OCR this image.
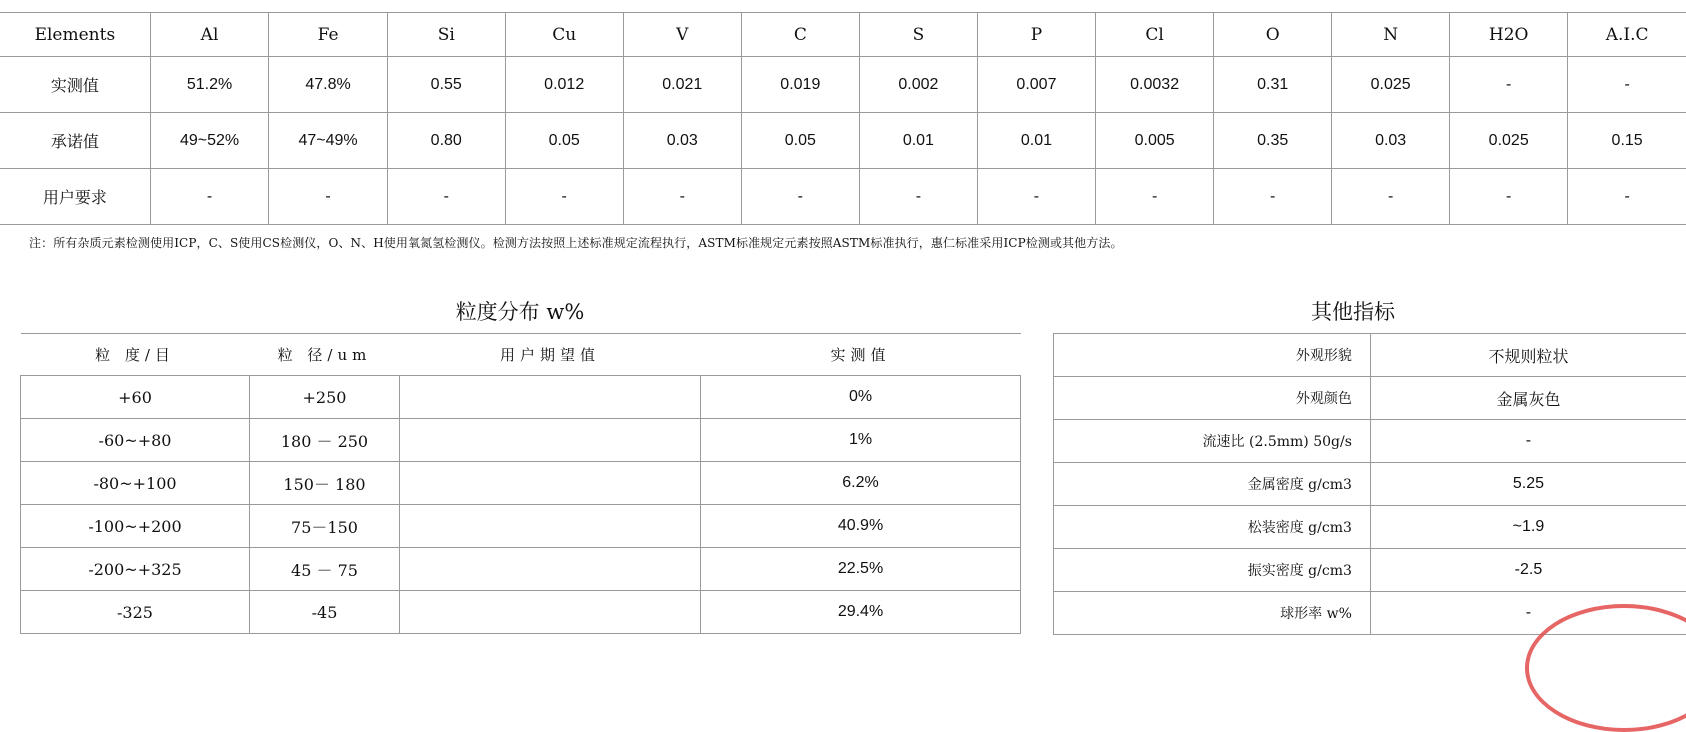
Elements	Al	Fe	Si	Cu	V	C	S	P	Cl	O	N	H2O	A.I.C
实测值	51.2%	47.8%	0.55	0.012	0.021	0.019	0.002	0.007	0.0032	0.31	0.025	-	-
承诺值	49~52%	47~49%	0.80	0.05	0.03	0.05	0.01	0.01	0.005	0.35	0.03	0.025	0.15
用户要求	-	-	-	-	-	-	-	-	-	-	-	-	-
注：所有杂质元素检测使用ICP，C、S使用CS检测仪，O、N、H使用氧氮氢检测仪。检测方法按照上述标准规定流程执行，ASTM标准规定元素按照ASTM标准执行，惠仁标准采用ICP检测或其他方法。
粒度分布 w%	其他指标
粒 度/目	粒 径/um	用户期望值	实测值
+60	+250		0%
-60~+80	180 － 250		1%
-80~+100	150－ 180		6.2%
-100~+200	75－150		40.9%
-200~+325	45 － 75		22.5%
-325	-45		29.4%
外观形貌	不规则粒状
外观颜色	金属灰色
流速比 (2.5mm) 50g/s	-
金属密度 g/cm3	5.25
松装密度 g/cm3	~1.9
振实密度 g/cm3	-2.5
球形率 w%	-
